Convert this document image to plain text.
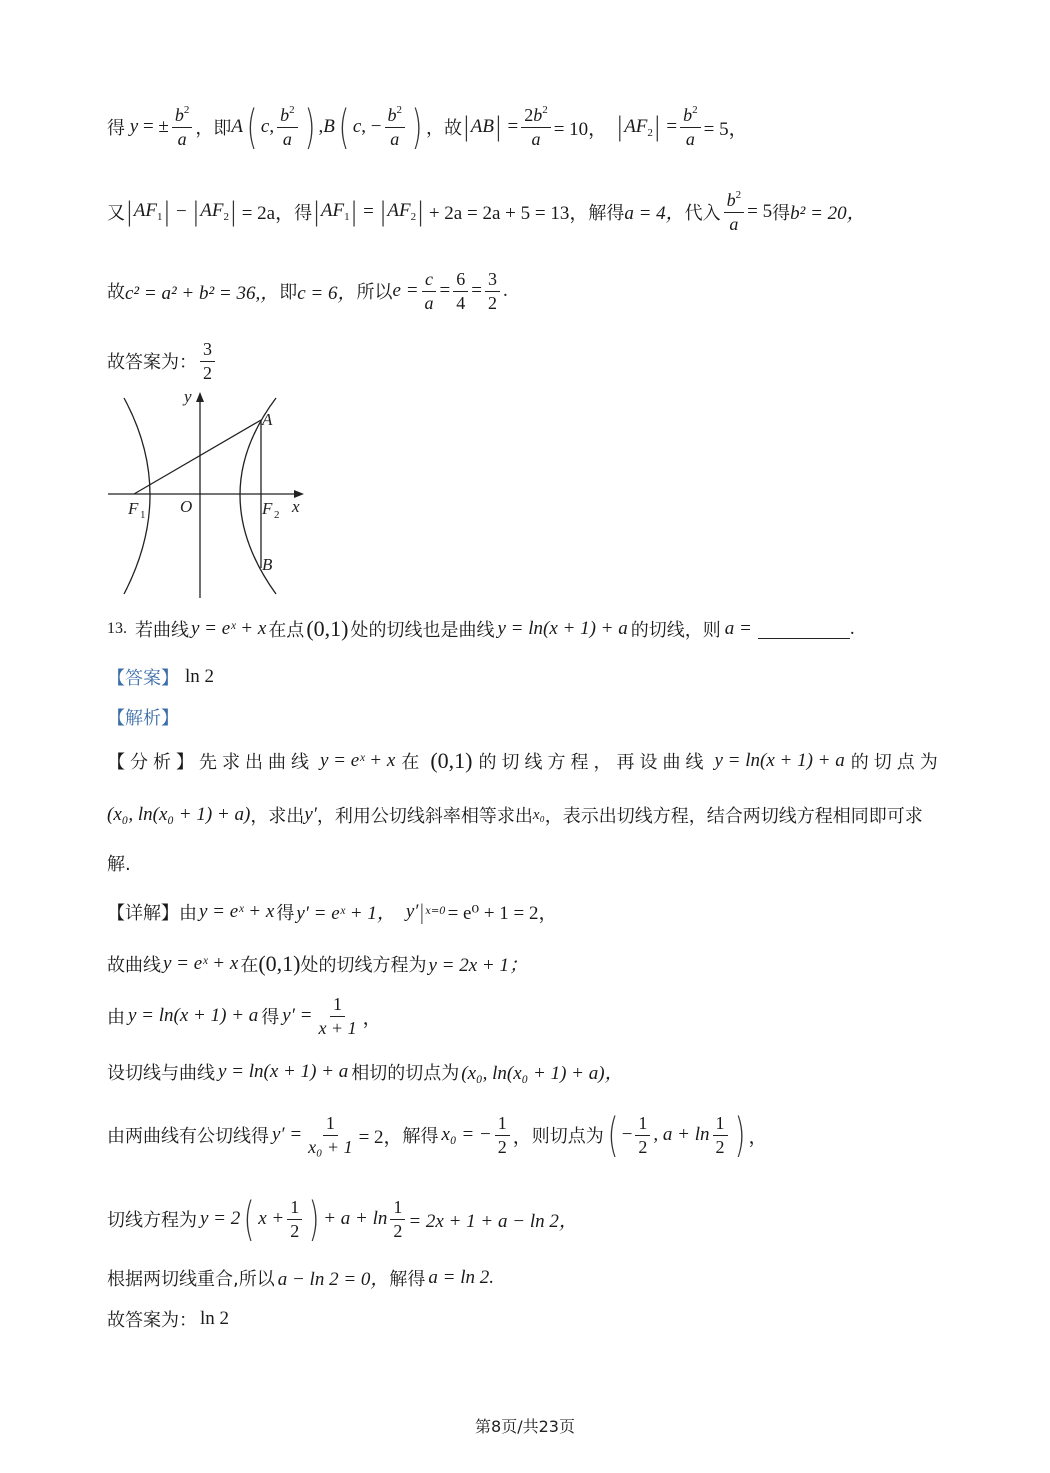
得 y = ± $\frac{b^2}{a}$ ，即 A ( c, $\frac{b^2}{a}$ ) ,B ( c, − $\frac{b^2}{a}$ ) ，故 | AB | = $\frac{2b^2}{a} = 10$， | $AF_2$ | = $\frac{b^2}{a} = 5$，
又 | $AF_1$ | − | $AF_2$ | = 2a， 得 | $AF_1$ | = | $AF_2$ | + 2a = 2a + 5 = 13， 解得 a = 4， 代入 $\frac{b^2}{a} = 5$ 得 b² = 20，
故 c² = a² + b² = 36,， 即 c = 6， 所以 $e = \frac{c}{a} = \frac{6}{4} = \frac{3}{2}$ .
故答案为： $\frac{3}{2}$
y
A
x
O
F 1	F 2
B
13. 若曲线 y = eˣ + x 在点 (0,1) 处的切线也是曲线 y = ln(x + 1) + a 的切线，则 a =	.
【答案】 ln 2
【解析】
【分析】 先求出曲线 y = eˣ + x 在 (0,1) 的切线方程，再设曲线 y = ln(x + 1) + a 的切点为
(x₀, ln(x₀ + 1) + a) ，求出 y′ ，利用公切线斜率相等求出 x₀ ，表示出切线方程，结合两切线方程相同即可求
解.
【详解】 由 y = eˣ + x 得 y′ = eˣ + 1， y′ | x=0 = e⁰ + 1 = 2，
故曲线 y = eˣ + x 在 (0,1) 处的切线方程为 y = 2x + 1；
由 y = ln(x + 1) + a 得 $y' = \frac{1}{x + 1}$ ，
设切线与曲线 y = ln(x + 1) + a 相切的切点为 (x₀, ln(x₀ + 1) + a)，
由两曲线有公切线得 $y' = \frac{1}{\text{x₀ + 1}} = 2$， 解得 x₀ = − $\frac{1}{2}$ ， 则切点为 ( − $\frac{1}{2}$ , $a + \ln \frac{1}{2}$ ) ，
切线方程为 y = 2 ( $x + \frac{1}{2}$ ) + $a + \ln \frac{1}{2} = 2x + 1 + a - \ln 2$，
根据两切线重合,所以 a − ln 2 = 0， 解得 a = ln 2.
故答案为： ln 2
第8页/共23页
